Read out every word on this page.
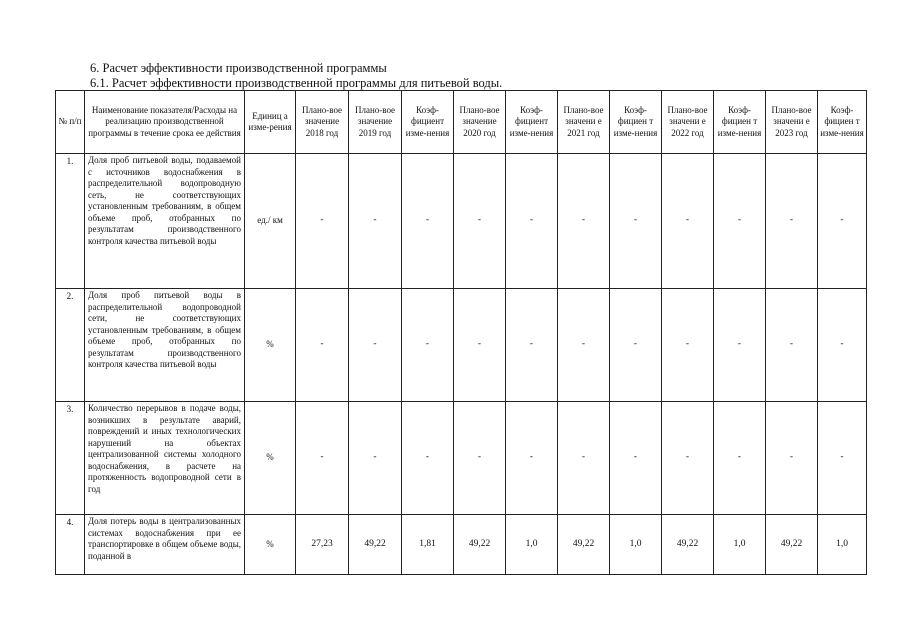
6. Расчет эффективности производственной программы
6.1. Расчет эффективности производственной программы для питьевой воды.
№ п/п	Наименование показателя/Расходы на реализацию производственной программы в течение срока ее действия	Единиц а изме-рения	Плано-вое значение 2018 год	Плано-вое значение 2019 год	Коэф-фициент изме-нения	Плано-вое значение 2020 год	Коэф-фициент изме-нения	Плано-вое значени е 2021 год	Коэф-фициен т изме-нения	Плано-вое значени е 2022 год	Коэф-фициен т изме-нения	Плано-вое значени е 2023 год	Коэф-фициен т изме-нения
1.	Доля проб питьевой воды, подаваемой с источников водоснабжения в распределительной водопроводную сеть, не соответствующих установленным требованиям, в общем объеме проб, отобранных по результатам производственного контроля качества питьевой воды	ед./ км	-	-	-	-	-	-	-	-	-	-	-
2.	Доля проб питьевой воды в распределительной водопроводной сети, не соответствующих установленным требованиям, в общем объеме проб, отобранных по результатам производственного контроля качества питьевой воды	%	-	-	-	-	-	-	-	-	-	-	-
3.	Количество перерывов в подаче воды, возникших в результате аварий, повреждений и иных технологических нарушений на объектах централизованной системы холодного водоснабжения, в расчете на протяженность водопроводной сети в год	%	-	-	-	-	-	-	-	-	-	-	-
4.	Доля потерь воды в централизованных системах водоснабжения при ее транспортировке в общем объеме воды, поданной в	%	27,23	49,22	1,81	49,22	1,0	49,22	1,0	49,22	1,0	49,22	1,0
